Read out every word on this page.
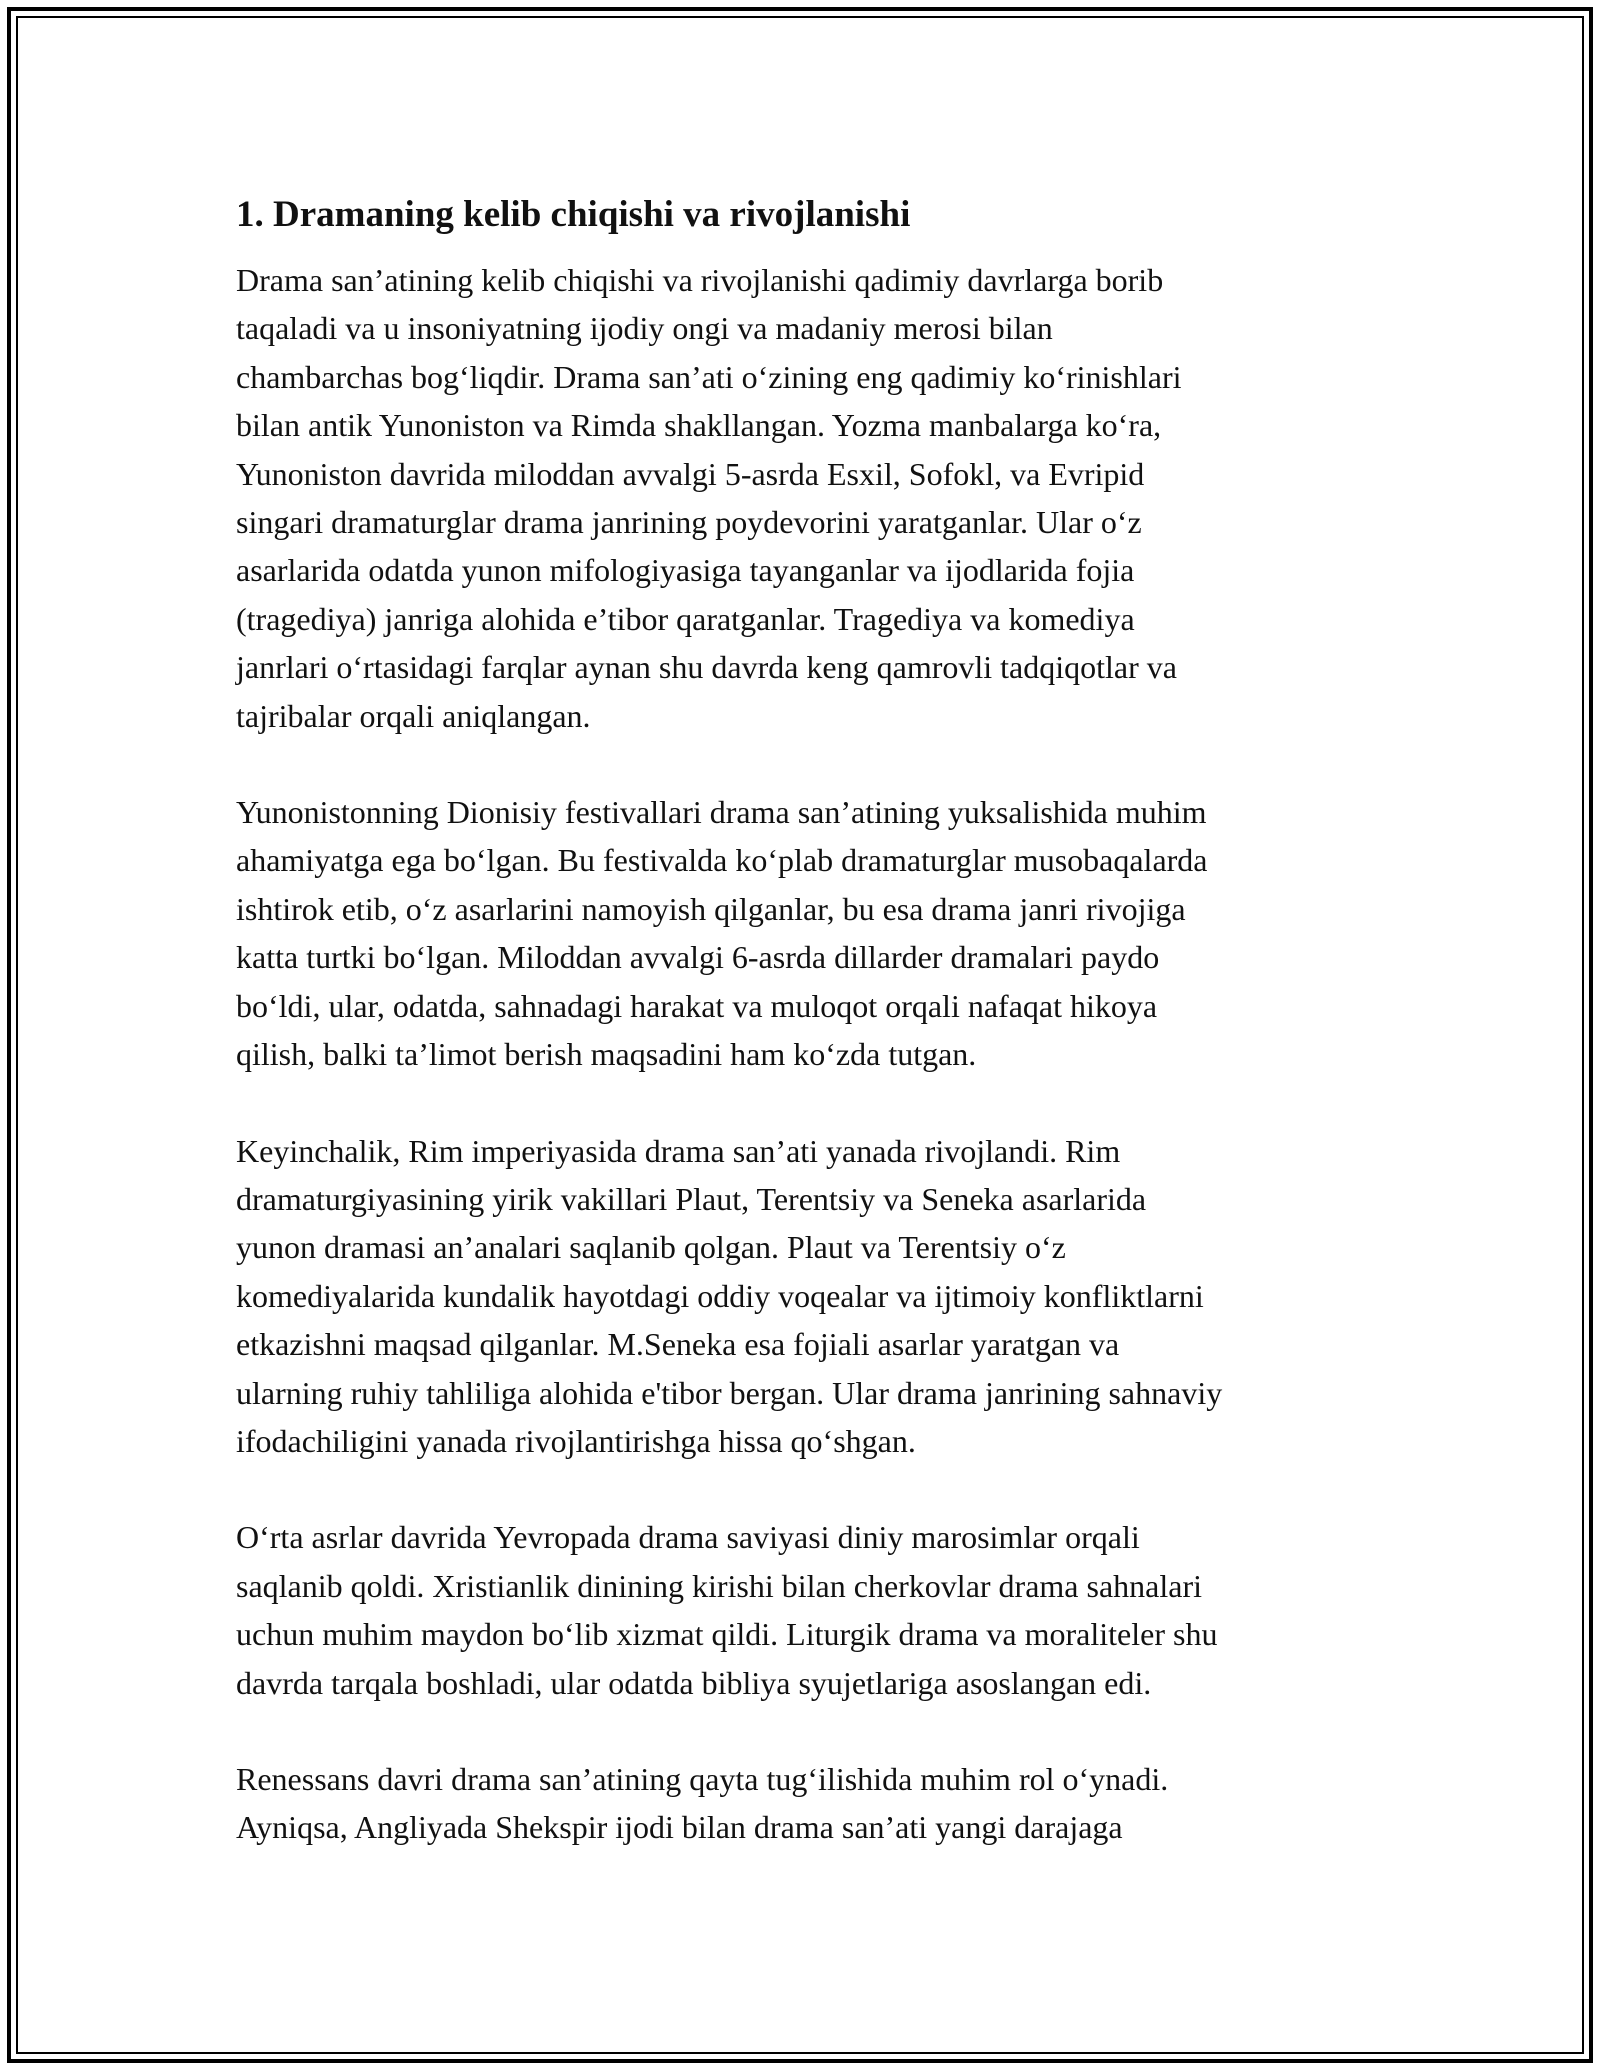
1. Dramaning kelib chiqishi va rivojlanishi

Drama san’atining kelib chiqishi va rivojlanishi qadimiy davrlarga borib
taqaladi va u insoniyatning ijodiy ongi va madaniy merosi bilan
chambarchas bog‘liqdir. Drama san’ati o‘zining eng qadimiy ko‘rinishlari
bilan antik Yunoniston va Rimda shakllangan. Yozma manbalarga ko‘ra,
Yunoniston davrida miloddan avvalgi 5-asrda Esxil, Sofokl, va Evripid
singari dramaturglar drama janrining poydevorini yaratganlar. Ular o‘z
asarlarida odatda yunon mifologiyasiga tayanganlar va ijodlarida fojia
(tragediya) janriga alohida e’tibor qaratganlar. Tragediya va komediya
janrlari o‘rtasidagi farqlar aynan shu davrda keng qamrovli tadqiqotlar va
tajribalar orqali aniqlangan.

Yunonistonning Dionisiy festivallari drama san’atining yuksalishida muhim
ahamiyatga ega bo‘lgan. Bu festivalda ko‘plab dramaturglar musobaqalarda
ishtirok etib, o‘z asarlarini namoyish qilganlar, bu esa drama janri rivojiga
katta turtki bo‘lgan. Miloddan avvalgi 6-asrda dillarder dramalari paydo
bo‘ldi, ular, odatda, sahnadagi harakat va muloqot orqali nafaqat hikoya
qilish, balki ta’limot berish maqsadini ham ko‘zda tutgan.

Keyinchalik, Rim imperiyasida drama san’ati yanada rivojlandi. Rim
dramaturgiyasining yirik vakillari Plaut, Terentsiy va Seneka asarlarida
yunon dramasi an’analari saqlanib qolgan. Plaut va Terentsiy o‘z
komediyalarida kundalik hayotdagi oddiy voqealar va ijtimoiy konfliktlarni
etkazishni maqsad qilganlar. M.Seneka esa fojiali asarlar yaratgan va
ularning ruhiy tahliliga alohida e'tibor bergan. Ular drama janrining sahnaviy
ifodachiligini yanada rivojlantirishga hissa qo‘shgan.

O‘rta asrlar davrida Yevropada drama saviyasi diniy marosimlar orqali
saqlanib qoldi. Xristianlik dinining kirishi bilan cherkovlar drama sahnalari
uchun muhim maydon bo‘lib xizmat qildi. Liturgik drama va moraliteler shu
davrda tarqala boshladi, ular odatda bibliya syujetlariga asoslangan edi.

Renessans davri drama san’atining qayta tug‘ilishida muhim rol o‘ynadi.
Ayniqsa, Angliyada Shekspir ijodi bilan drama san’ati yangi darajaga
